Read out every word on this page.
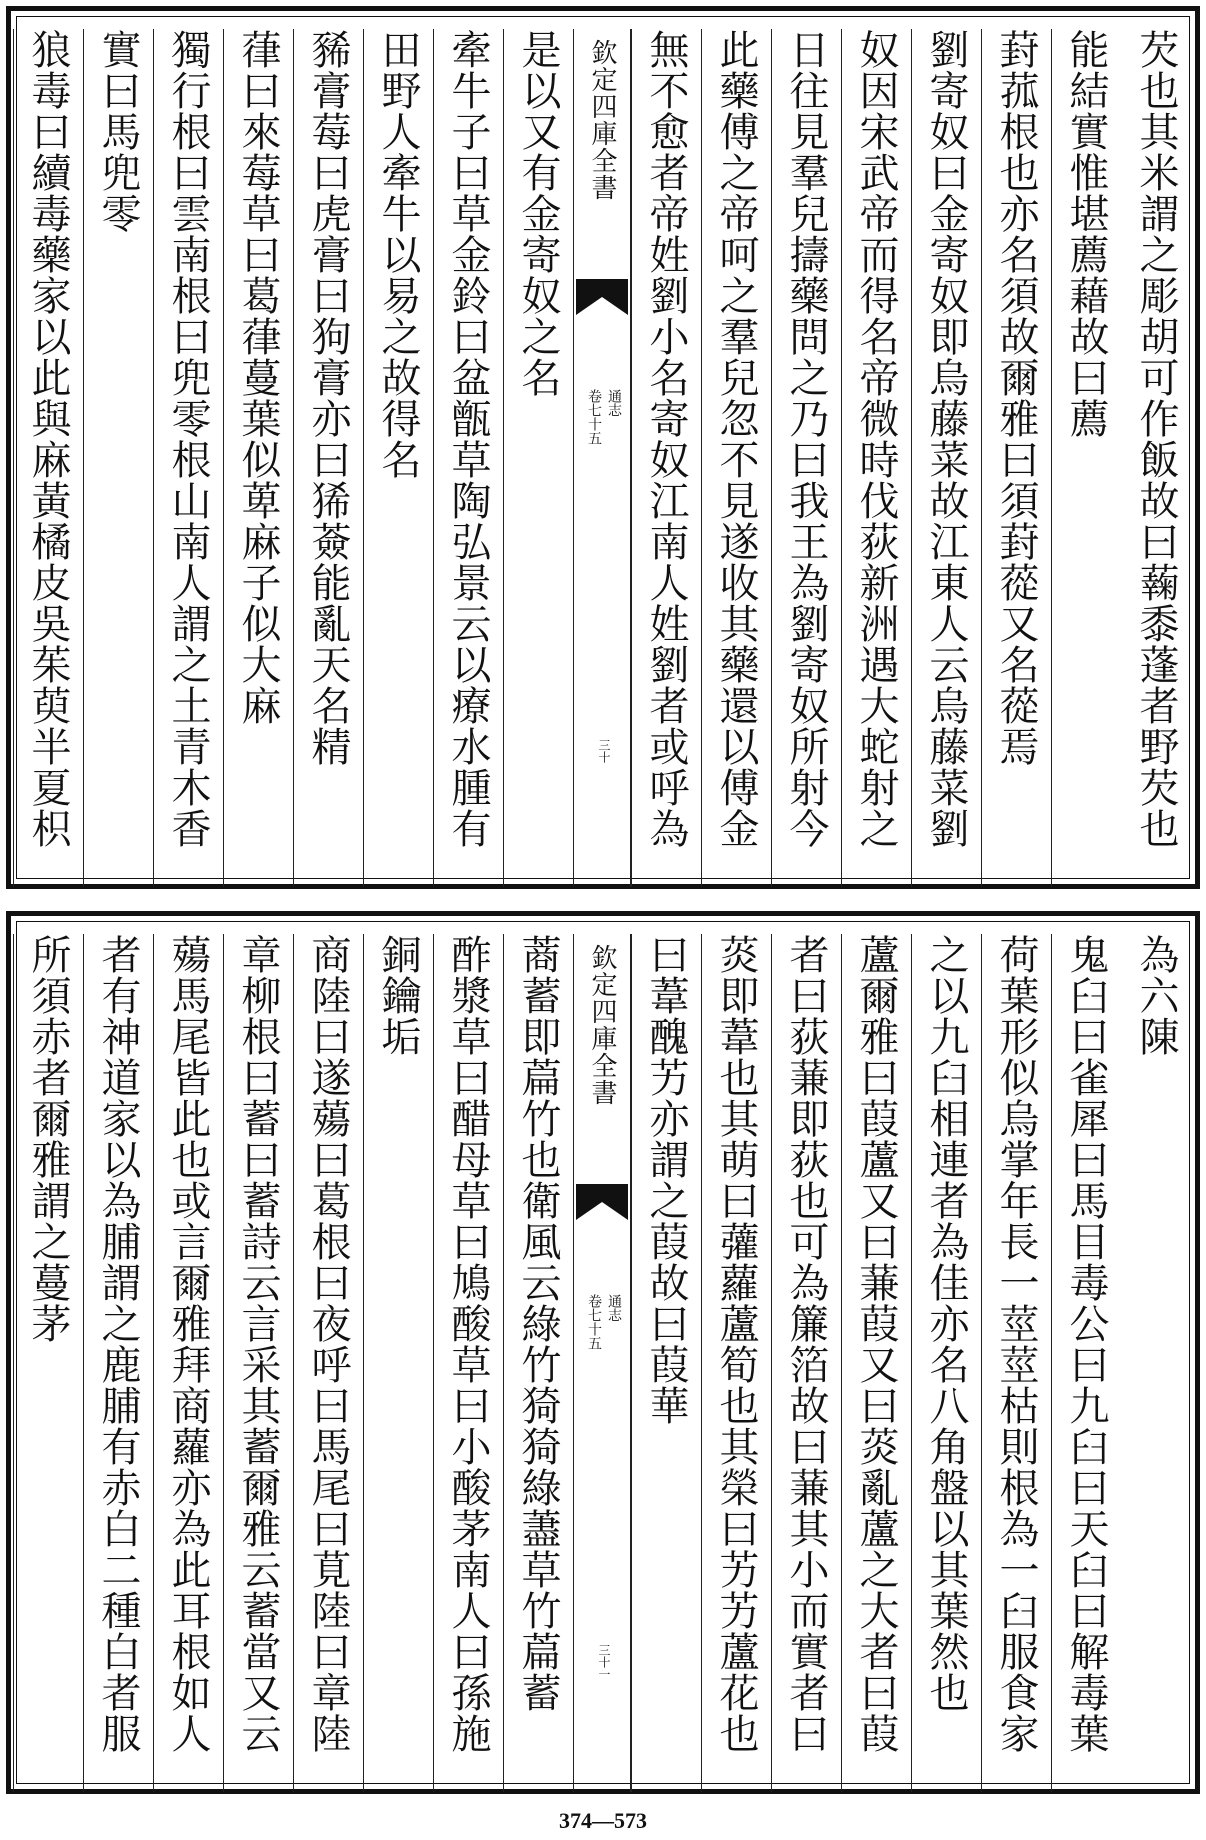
芡也其米謂之彫胡可作飯故曰䕮黍蓬者野芡也
能結實惟堪薦藉故曰薦
葑菰根也亦名須故爾雅曰須葑蓯又名蓯焉
劉寄奴曰金寄奴即烏藤菜故江東人云烏藤菜劉
奴因宋武帝而得名帝微時伐荻新洲遇大蛇射之
日往見羣兒擣藥問之乃曰我王為劉寄奴所射今
此藥傅之帝呵之羣兒忽不見遂收其藥還以傅金
無不愈者帝姓劉小名寄奴江南人姓劉者或呼為
欽定四庫全書
通志
卷七十五
三十
是以又有金寄奴之名
牽牛子曰草金鈴曰盆甑草陶弘景云以療水腫有
田野人牽牛以易之故得名
豨膏莓曰虎膏曰狗膏亦曰狶薟能亂天名精
葎曰來莓草曰葛葎蔓葉似萆麻子似大麻
獨行根曰雲南根曰兜零根山南人謂之土青木香
實曰馬兜零
狼毒曰續毒藥家以此與麻黃橘皮吳茱萸半夏枳
為六陳
鬼臼曰雀犀曰馬目毒公曰九臼曰天臼曰解毒葉
荷葉形似烏掌年長一莖莖枯則根為一臼服食家
之以九臼相連者為佳亦名八角盤以其葉然也
蘆爾雅曰葭蘆又曰蒹葭又曰菼亂蘆之大者曰葭
者曰荻蒹即荻也可為簾箔故曰蒹其小而實者曰
菼即葦也其萌曰虇蘿蘆筍也其榮曰艻艻蘆花也
曰葦醜艻亦謂之葭故曰葭華
欽定四庫全書
通志
卷七十五
三十一
蔏蓄即萹竹也衛風云綠竹猗猗綠藎草竹萹蓄
酢漿草曰醋母草曰鳩酸草曰小酸茅南人曰孫施
銅鑰垢
商陸曰遂薚曰葛根曰夜呼曰馬尾曰莧陸曰章陸
章柳根曰蓄曰蓄詩云言采其蓄爾雅云蓄當又云
薚馬尾皆此也或言爾雅拜商蘿亦為此耳根如人
者有神道家以為脯謂之鹿脯有赤白二種白者服
所須赤者爾雅謂之蔓茅
374—573
